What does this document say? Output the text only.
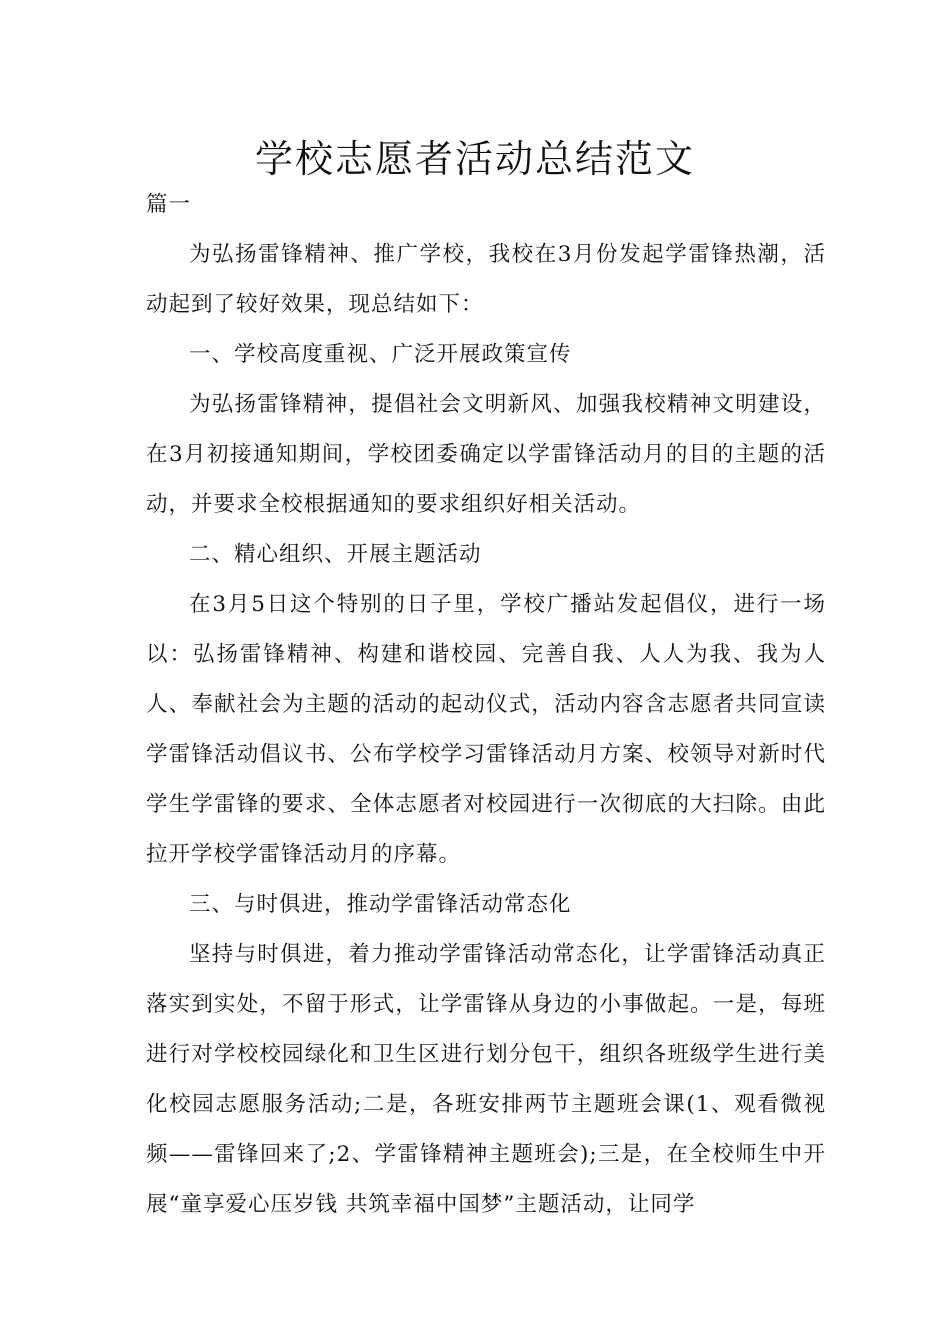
学校志愿者活动总结范文

篇一

为弘扬雷锋精神、推广学校，我校在3月份发起学雷锋热潮，活动起到了较好效果，现总结如下：

一、学校高度重视、广泛开展政策宣传

为弘扬雷锋精神，提倡社会文明新风、加强我校精神文明建设，在3月初接通知期间，学校团委确定以学雷锋活动月的目的主题的活动，并要求全校根据通知的要求组织好相关活动。

二、精心组织、开展主题活动

在3月5日这个特别的日子里，学校广播站发起倡仪，进行一场以：弘扬雷锋精神、构建和谐校园、完善自我、人人为我、我为人人、奉献社会为主题的活动的起动仪式，活动内容含志愿者共同宣读学雷锋活动倡议书、公布学校学习雷锋活动月方案、校领导对新时代学生学雷锋的要求、全体志愿者对校园进行一次彻底的大扫除。由此拉开学校学雷锋活动月的序幕。

三、与时俱进，推动学雷锋活动常态化

坚持与时俱进，着力推动学雷锋活动常态化，让学雷锋活动真正落实到实处，不留于形式，让学雷锋从身边的小事做起。一是，每班进行对学校校园绿化和卫生区进行划分包干，组织各班级学生进行美化校园志愿服务活动;二是，各班安排两节主题班会课(1、观看微视频——雷锋回来了;2、学雷锋精神主题班会);三是，在全校师生中开展“童享爱心压岁钱 共筑幸福中国梦”主题活动，让同学
